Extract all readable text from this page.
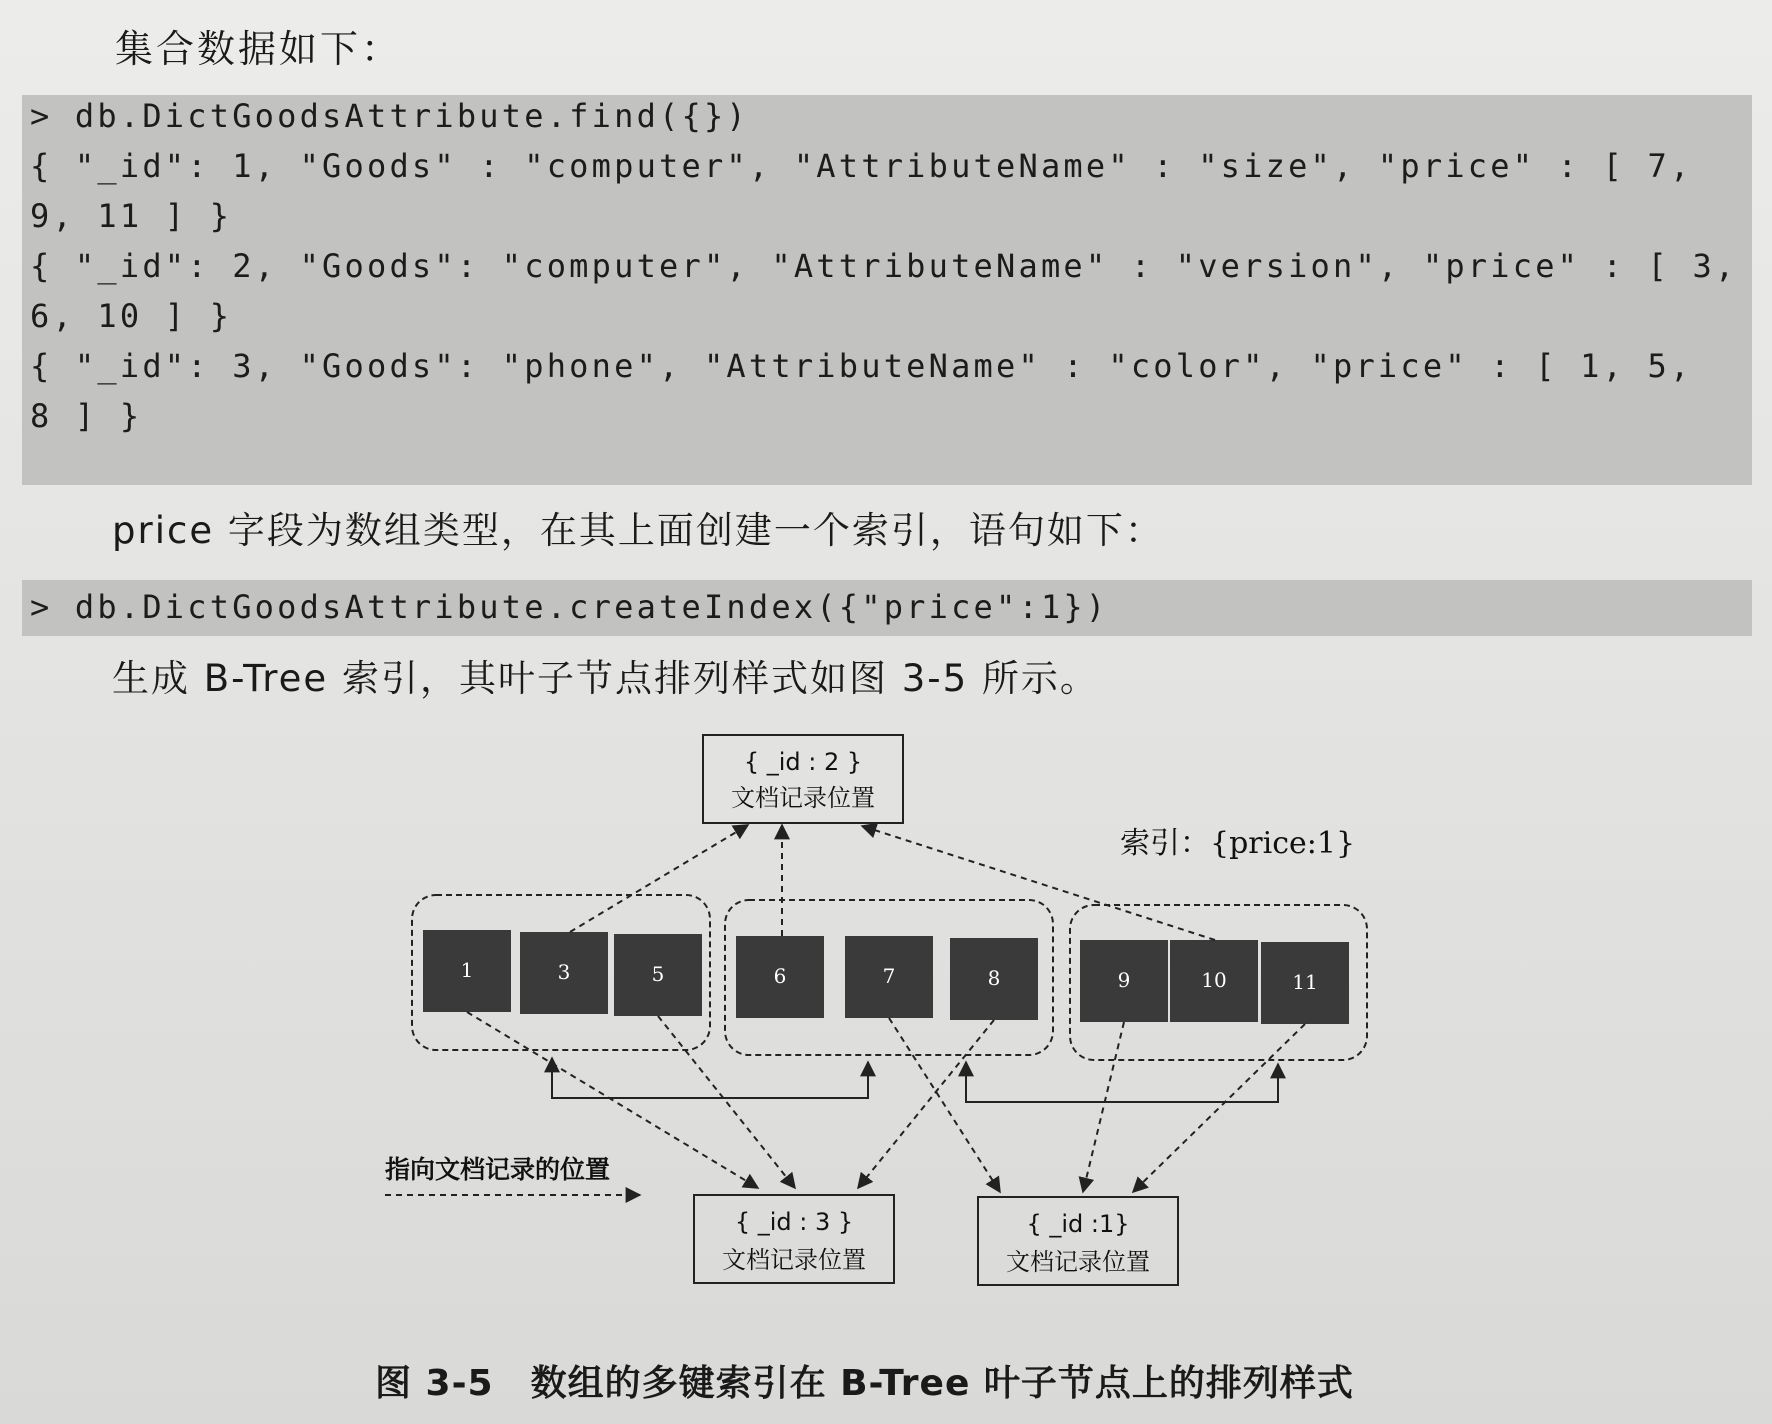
集合数据如下：
> db.DictGoodsAttribute.find({})
{ "_id": 1, "Goods" : "computer", "AttributeName" : "size", "price" : [ 7,
9, 11 ] }
{ "_id": 2, "Goods": "computer", "AttributeName" : "version", "price" : [ 3,
6, 10 ] }
{ "_id": 3, "Goods": "phone", "AttributeName" : "color", "price" : [ 1, 5,
8 ] }
price 字段为数组类型，在其上面创建一个索引，语句如下：
> db.DictGoodsAttribute.createIndex({"price":1})
生成 B-Tree 索引，其叶子节点排列样式如图 3-5 所示。
{ _id : 2 }
文档记录位置
索引：{price:1}
1	3	5	6	7	8	9	10	11
指向文档记录的位置
{ _id : 3 }
文档记录位置
{ _id :1}
文档记录位置
图 3-5　数组的多键索引在 B-Tree 叶子节点上的排列样式
